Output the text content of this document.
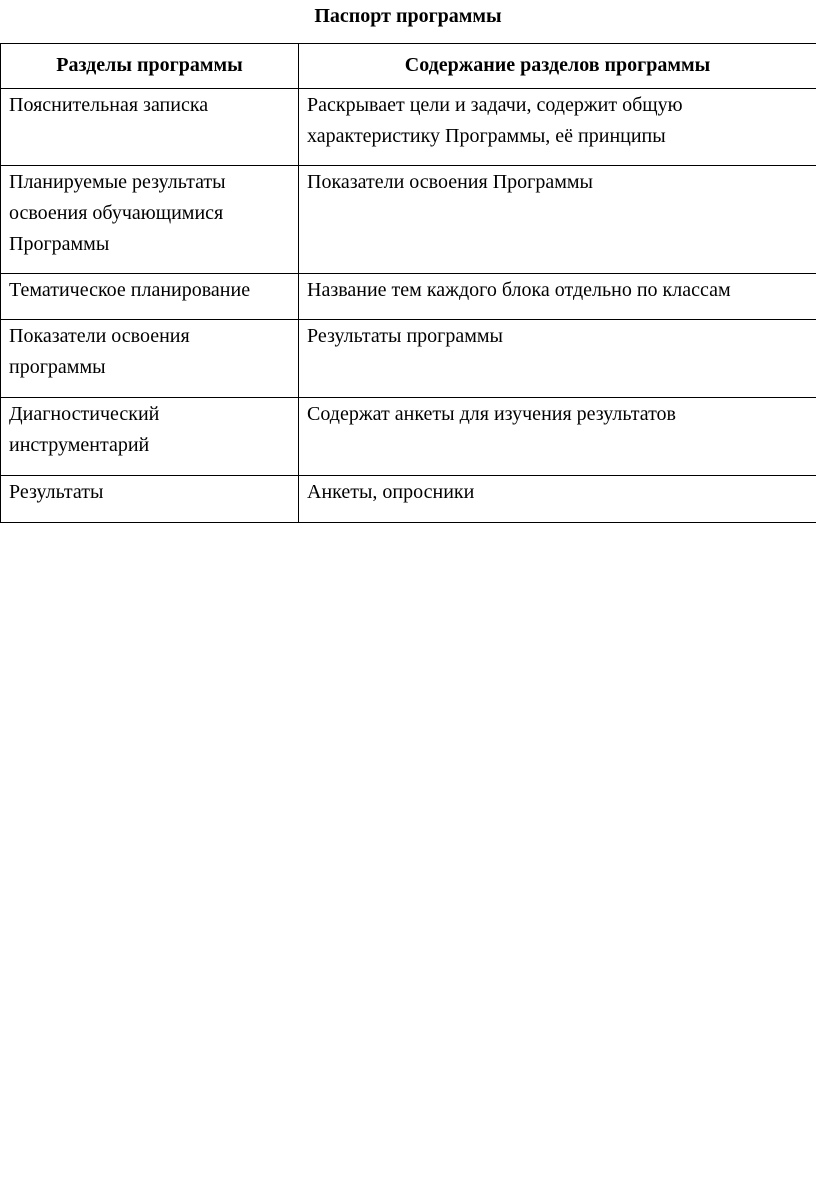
Паспорт программы
Разделы программы	Содержание разделов программы
Пояснительная записка	Раскрывает цели и задачи, содержит общую характеристику Программы, её принципы
Планируемые результаты освоения обучающимися Программы	Показатели освоения Программы
Тематическое планирование	Название тем каждого блока отдельно по классам
Показатели освоения программы	Результаты программы
Диагностический инструментарий	Содержат анкеты для изучения результатов
Результаты	Анкеты, опросники
